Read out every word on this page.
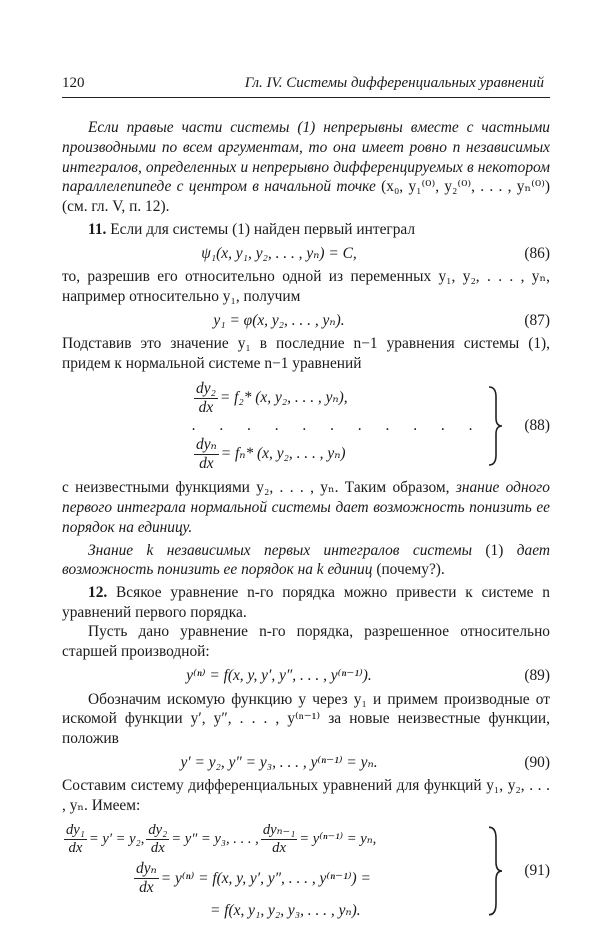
120	Гл. IV. Системы дифференциальных уравнений

Если правые части системы (1) непрерывны вместе с частными производными по всем аргументам, то она имеет ровно n независимых интегралов, определенных и непрерывно дифференцируемых в некотором параллелепипеде с центром в начальной точке (x₀, y₁⁽⁰⁾, y₂⁽⁰⁾, . . . , yₙ⁽⁰⁾) (см. гл. V, п. 12).

11. Если для системы (1) найден первый интеграл

ψ₁(x, y₁, y₂, . . . , yₙ) = C,	(86)

то, разрешив его относительно одной из переменных y₁, y₂, . . . , yₙ, например относительно y₁, получим

y₁ = φ(x, y₂, . . . , yₙ).	(87)

Подставив это значение y₁ в последние n−1 уравнения системы (1), придем к нормальной системе n−1 уравнений

$\frac{\text{dy₂}}{dx} = f_2*$ (x, y₂, . . . , yₙ),
. . . . . . . . . . .
$\frac{\text{dyₙ}}{dx} = f_n*$ (x, y₂, . . . , yₙ)
(88)

с неизвестными функциями y₂, . . . , yₙ. Таким образом, знание одного первого интеграла нормальной системы дает возможность понизить ее порядок на единицу.

Знание k независимых первых интегралов системы (1) дает возможность понизить ее порядок на k единиц (почему?).

12. Всякое уравнение n-го порядка можно привести к системе n уравнений первого порядка.

Пусть дано уравнение n-го порядка, разрешенное относительно старшей производной:

y⁽ⁿ⁾ = f(x, y, y′, y″, . . . , y⁽ⁿ⁻¹⁾).	(89)

Обозначим искомую функцию y через y₁ и примем производные от искомой функции y′, y″, . . . , y⁽ⁿ⁻¹⁾ за новые неизвестные функции, положив

y′ = y₂, y″ = y₃, . . . , y⁽ⁿ⁻¹⁾ = yₙ.	(90)

Составим систему дифференциальных уравнений для функций y₁, y₂, . . . , yₙ. Имеем:

$\frac{\text{dy₁}}{dx} = y' = y_2$, $\frac{\text{dy₂}}{dx} = y'' = y_3$, . . . , $\frac{\text{dyₙ₋₁}}{dx} = y^{(n-1)} = y_n$,
$\frac{\text{dyₙ}}{dx} = y^{(n)} = f(x$, y, y′, y″, . . . , y⁽ⁿ⁻¹⁾) =
= f(x, y₁, y₂, y₃, . . . , yₙ).
(91)
